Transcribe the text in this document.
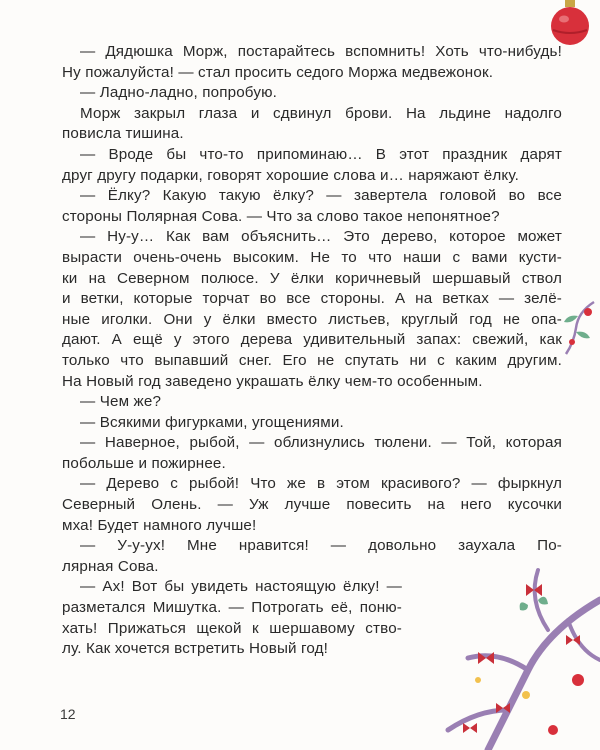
— Дядюшка Морж, постарайтесь вспомнить! Хоть что-нибудь!
Ну пожалуйста! — стал просить седого Моржа медвежонок.
— Ладно-ладно, попробую.
Морж закрыл глаза и сдвинул брови. На льдине надолго
повисла тишина.
— Вроде бы что-то припоминаю… В этот праздник дарят
друг другу подарки, говорят хорошие слова и… наряжают ёлку.
— Ёлку? Какую такую ёлку? — завертела головой во все
стороны Полярная Сова. — Что за слово такое непонятное?
— Ну-у… Как вам объяснить… Это дерево, которое может
вырасти очень-очень высоким. Не то что наши с вами кусти-
ки на Северном полюсе. У ёлки коричневый шершавый ствол
и ветки, которые торчат во все стороны. А на ветках — зелё-
ные иголки. Они у ёлки вместо листьев, круглый год не опа-
дают. А ещё у этого дерева удивительный запах: свежий, как
только что выпавший снег. Его не спутать ни с каким другим.
На Новый год заведено украшать ёлку чем-то особенным.
— Чем же?
— Всякими фигурками, угощениями.
— Наверное, рыбой, — облизнулись тюлени. — Той, которая
побольше и пожирнее.
— Дерево с рыбой! Что же в этом красивого? — фыркнул
Северный Олень. — Уж лучше повесить на него кусочки
мха! Будет намного лучше!
— У-у-ух! Мне нравится! — довольно заухала По-
лярная Сова.
— Ах! Вот бы увидеть настоящую ёлку! —
разметался Мишутка. — Потрогать её, поню-
хать! Прижаться щекой к шершавому ство-
лу. Как хочется встретить Новый год!
12
